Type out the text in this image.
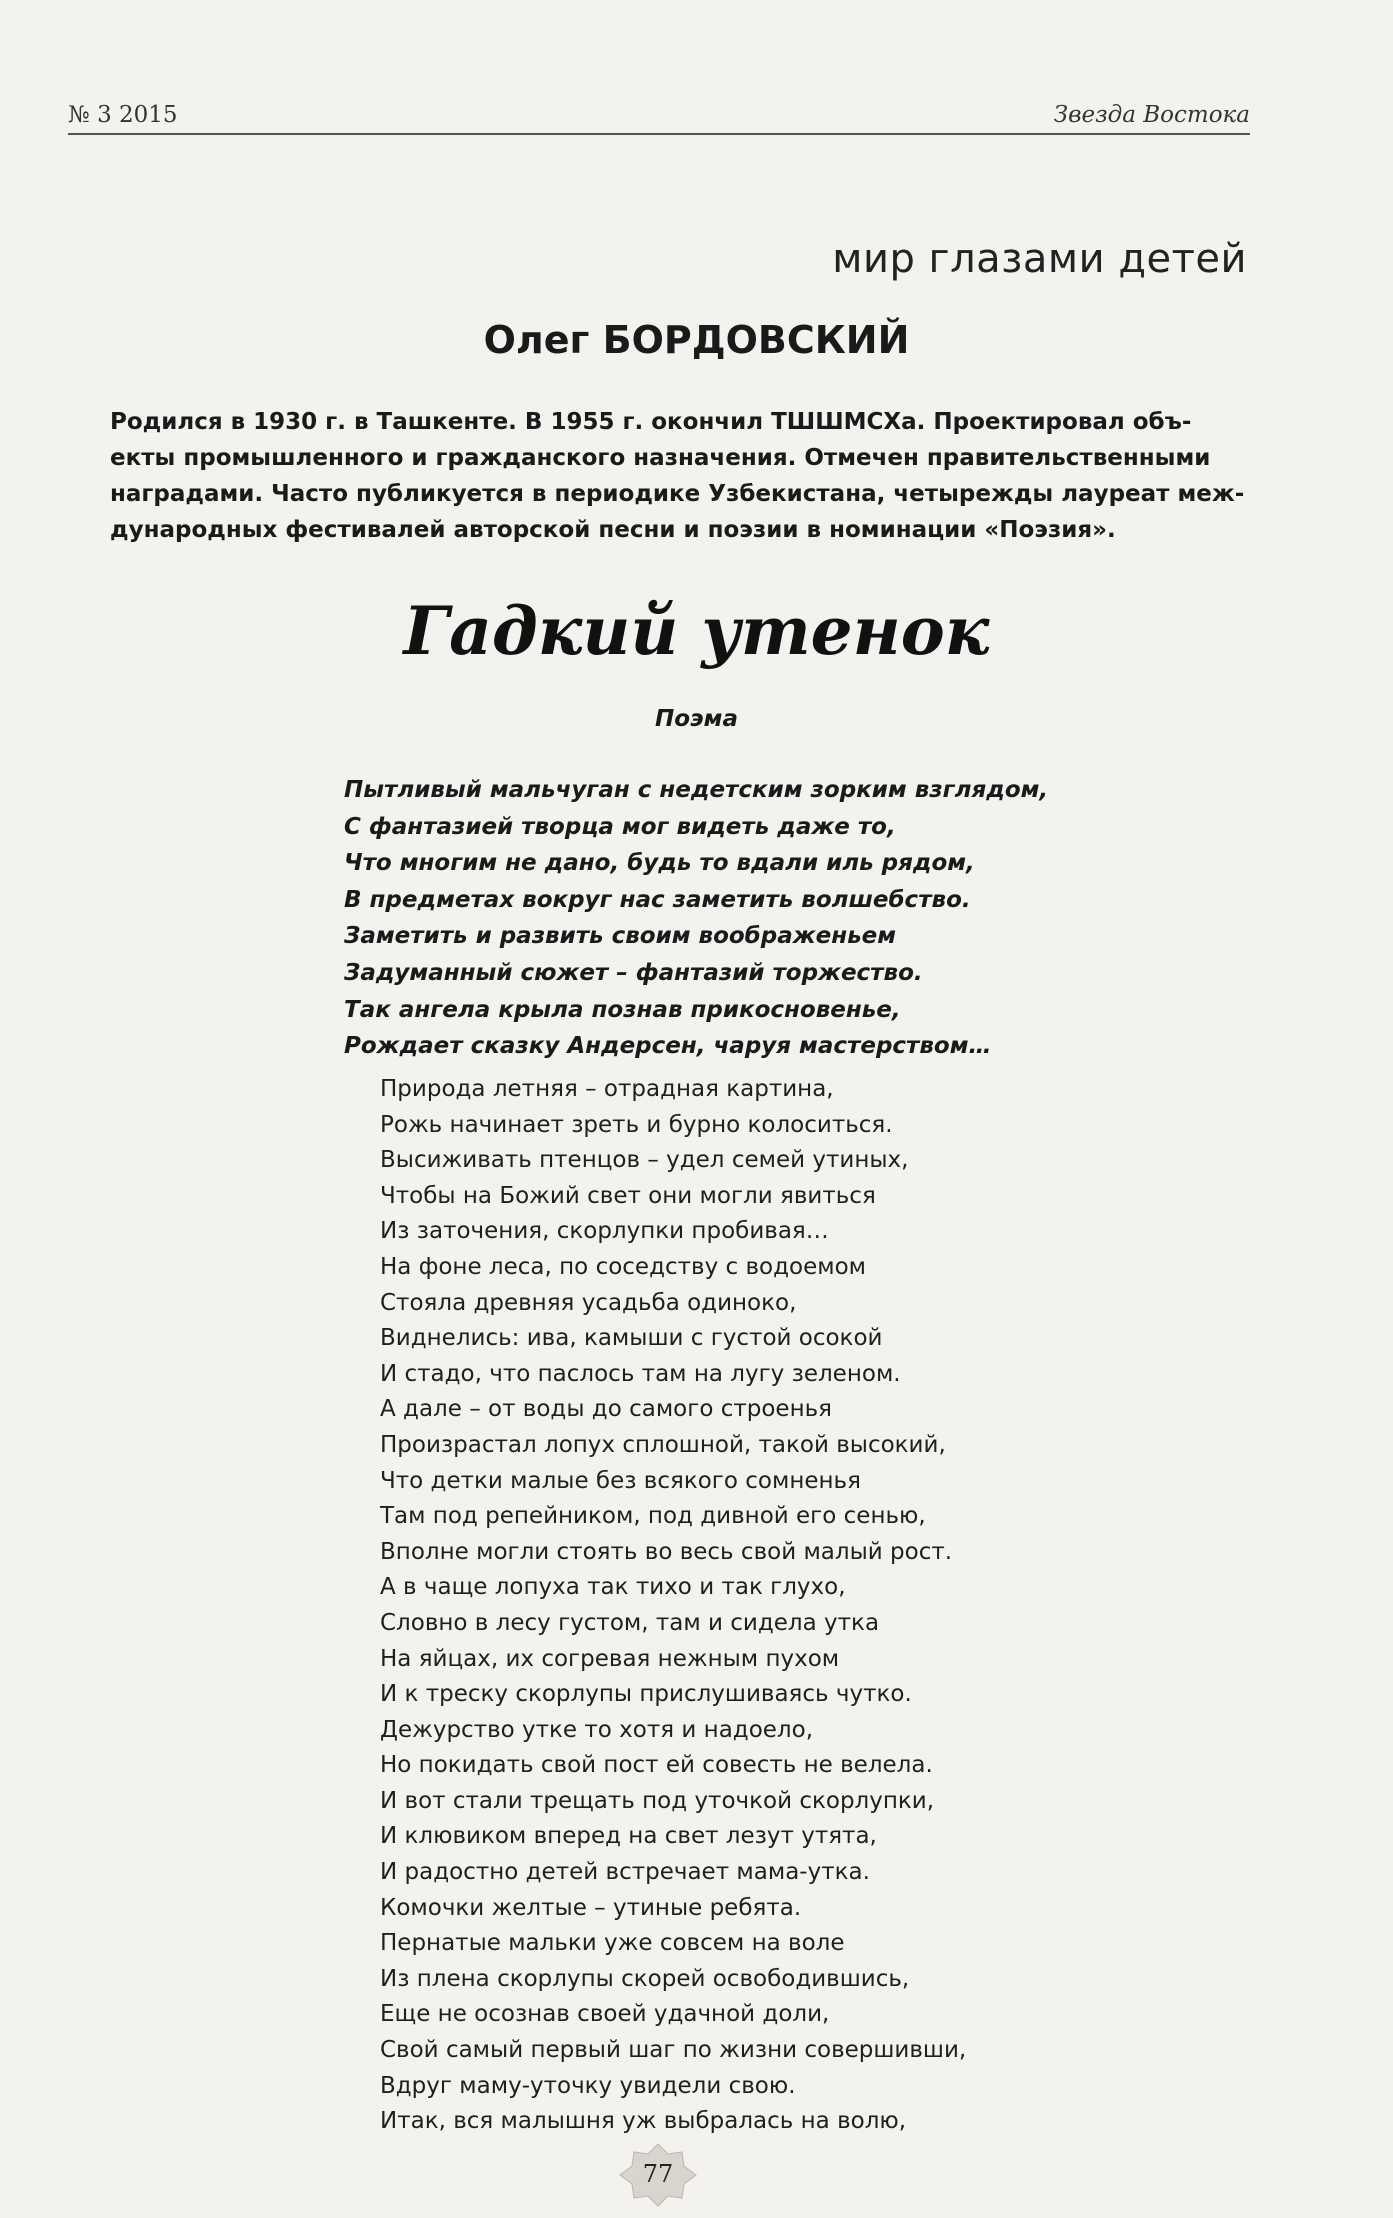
№ 3 2015	Звезда Востока
мир глазами детей
Олег БОРДОВСКИЙ
Родился в 1930 г. в Ташкенте. В 1955 г. окончил ТШШМСХа. Проектировал объ-
екты промышленного и гражданского назначения. Отмечен правительственными
наградами. Часто публикуется в периодике Узбекистана, четырежды лауреат меж-
дународных фестивалей авторской песни и поэзии в номинации «Поэзия».
Гадкий утенок
Поэма
Пытливый мальчуган с недетским зорким взглядом,
С фантазией творца мог видеть даже то,
Что многим не дано, будь то вдали иль рядом,
В предметах вокруг нас заметить волшебство.
Заметить и развить своим воображеньем
Задуманный сюжет – фантазий торжество.
Так ангела крыла познав прикосновенье,
Рождает сказку Андерсен, чаруя мастерством…
Природа летняя – отрадная картина,
Рожь начинает зреть и бурно колоситься.
Высиживать птенцов – удел семей утиных,
Чтобы на Божий свет они могли явиться
Из заточения, скорлупки пробивая…
На фоне леса, по соседству с водоемом
Стояла древняя усадьба одиноко,
Виднелись: ива, камыши с густой осокой
И стадо, что паслось там на лугу зеленом.
А дале – от воды до самого строенья
Произрастал лопух сплошной, такой высокий,
Что детки малые без всякого сомненья
Там под репейником, под дивной его сенью,
Вполне могли стоять во весь свой малый рост.
А в чаще лопуха так тихо и так глухо,
Словно в лесу густом, там и сидела утка
На яйцах, их согревая нежным пухом
И к треску скорлупы прислушиваясь чутко.
Дежурство утке то хотя и надоело,
Но покидать свой пост ей совесть не велела.
И вот стали трещать под уточкой скорлупки,
И клювиком вперед на свет лезут утята,
И радостно детей встречает мама-утка.
Комочки желтые – утиные ребята.
Пернатые мальки уже совсем на воле
Из плена скорлупы скорей освободившись,
Еще не осознав своей удачной доли,
Свой самый первый шаг по жизни совершивши,
Вдруг маму-уточку увидели свою.
Итак, вся малышня уж выбралась на волю,
77
